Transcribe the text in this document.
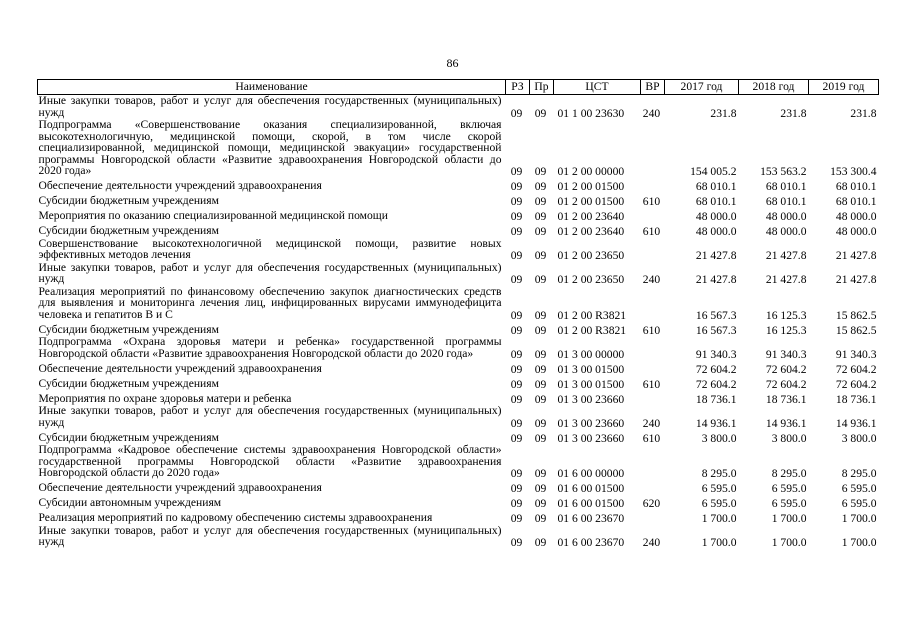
86
Наименование	РЗ	Пр	ЦСТ	ВР	2017 год	2018 год	2019 год
Иные закупки товаров, работ и услуг для обеспечения государственных (муниципальных) нужд	09	09	01 1 00 23630	240	231.8	231.8	231.8
Подпрограмма «Совершенствование оказания специализированной, включая высокотехнологичную, медицинской помощи, скорой, в том числе скорой специализированной, медицинской помощи, медицинской эвакуации» государственной программы Новгородской области «Развитие здравоохранения Новгородской области до 2020 года»	09	09	01 2 00 00000		154 005.2	153 563.2	153 300.4
Обеспечение деятельности учреждений здравоохранения	09	09	01 2 00 01500		68 010.1	68 010.1	68 010.1
Субсидии бюджетным учреждениям	09	09	01 2 00 01500	610	68 010.1	68 010.1	68 010.1
Мероприятия по оказанию специализированной медицинской помощи	09	09	01 2 00 23640		48 000.0	48 000.0	48 000.0
Субсидии бюджетным учреждениям	09	09	01 2 00 23640	610	48 000.0	48 000.0	48 000.0
Совершенствование высокотехнологичной медицинской помощи, развитие новых эффективных методов лечения	09	09	01 2 00 23650		21 427.8	21 427.8	21 427.8
Иные закупки товаров, работ и услуг для обеспечения государственных (муниципальных) нужд	09	09	01 2 00 23650	240	21 427.8	21 427.8	21 427.8
Реализация мероприятий по финансовому обеспечению закупок диагностических средств для выявления и мониторинга лечения лиц, инфицированных вирусами иммунодефицита человека и гепатитов B и C	09	09	01 2 00 R3821		16 567.3	16 125.3	15 862.5
Субсидии бюджетным учреждениям	09	09	01 2 00 R3821	610	16 567.3	16 125.3	15 862.5
Подпрограмма «Охрана здоровья матери и ребенка» государственной программы Новгородской области «Развитие здравоохранения Новгородской области до 2020 года»	09	09	01 3 00 00000		91 340.3	91 340.3	91 340.3
Обеспечение деятельности учреждений здравоохранения	09	09	01 3 00 01500		72 604.2	72 604.2	72 604.2
Субсидии бюджетным учреждениям	09	09	01 3 00 01500	610	72 604.2	72 604.2	72 604.2
Мероприятия по охране здоровья матери и ребенка	09	09	01 3 00 23660		18 736.1	18 736.1	18 736.1
Иные закупки товаров, работ и услуг для обеспечения государственных (муниципальных) нужд	09	09	01 3 00 23660	240	14 936.1	14 936.1	14 936.1
Субсидии бюджетным учреждениям	09	09	01 3 00 23660	610	3 800.0	3 800.0	3 800.0
Подпрограмма «Кадровое обеспечение системы здравоохранения Новгородской области» государственной программы Новгородской области «Развитие здравоохранения Новгородской области до 2020 года»	09	09	01 6 00 00000		8 295.0	8 295.0	8 295.0
Обеспечение деятельности учреждений здравоохранения	09	09	01 6 00 01500		6 595.0	6 595.0	6 595.0
Субсидии автономным учреждениям	09	09	01 6 00 01500	620	6 595.0	6 595.0	6 595.0
Реализация мероприятий по кадровому обеспечению системы здравоохранения	09	09	01 6 00 23670		1 700.0	1 700.0	1 700.0
Иные закупки товаров, работ и услуг для обеспечения государственных (муниципальных) нужд	09	09	01 6 00 23670	240	1 700.0	1 700.0	1 700.0
